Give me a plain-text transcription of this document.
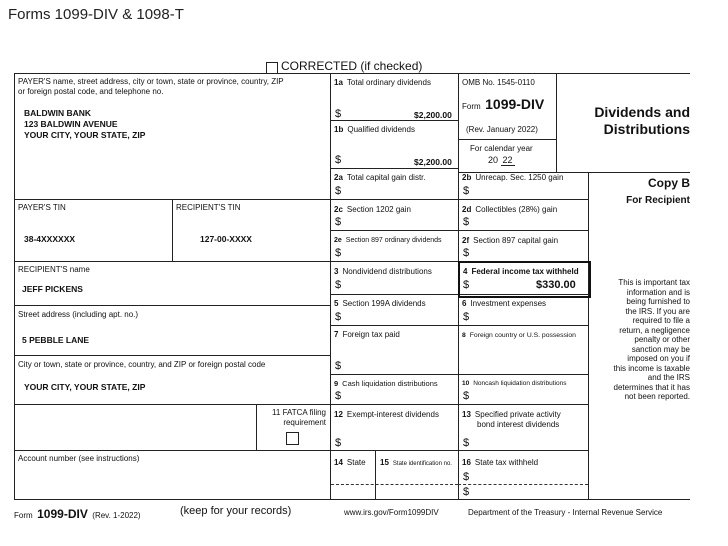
Forms 1099-DIV & 1098-T
CORRECTED (if checked)
PAYER'S name, street address, city or town, state or province, country, ZIP
or foreign postal code, and telephone no.
BALDWIN BANK
123 BALDWIN AVENUE
YOUR CITY, YOUR STATE, ZIP
PAYER'S TIN
38-4XXXXXX
RECIPIENT'S TIN
127-00-XXXX
RECIPIENT'S name
JEFF PICKENS
Street address (including apt. no.)
5 PEBBLE LANE
City or town, state or province, country, and ZIP or foreign postal code
YOUR CITY, YOUR STATE, ZIP
11 FATCA filing
requirement
Account number (see instructions)
1a Total ordinary dividends
$	$2,200.00
1b Qualified dividends
$	$2,200.00
OMB No. 1545-0110
Form 1099-DIV
(Rev. January 2022)
For calendar year
20 22
Dividends and
Distributions
2a Total capital gain distr.
$
2b Unrecap. Sec. 1250 gain
$
Copy B
For Recipient
2c Section 1202 gain
$
2d Collectibles (28%) gain
$
2e Section 897 ordinary dividends
$
2f Section 897 capital gain
$
3 Nondividend distributions
$
4 Federal income tax withheld
$	$330.00
5 Section 199A dividends
$
6 Investment expenses
$
7 Foreign tax paid
$
8 Foreign country or U.S. possession
9 Cash liquidation distributions
$
10 Noncash liquidation distributions
$
12 Exempt-interest dividends
$
13 Specified private activity
bond interest dividends
$
14 State 15 State identification no. 16 State tax withheld
$
$
This is important tax
information and is
being furnished to
the IRS. If you are
required to file a
return, a negligence
penalty or other
sanction may be
imposed on you if
this income is taxable
and the IRS
determines that it has
not been reported.
Form 1099-DIV (Rev. 1-2022)	(keep for your records)	www.irs.gov/Form1099DIV	Department of the Treasury - Internal Revenue Service
